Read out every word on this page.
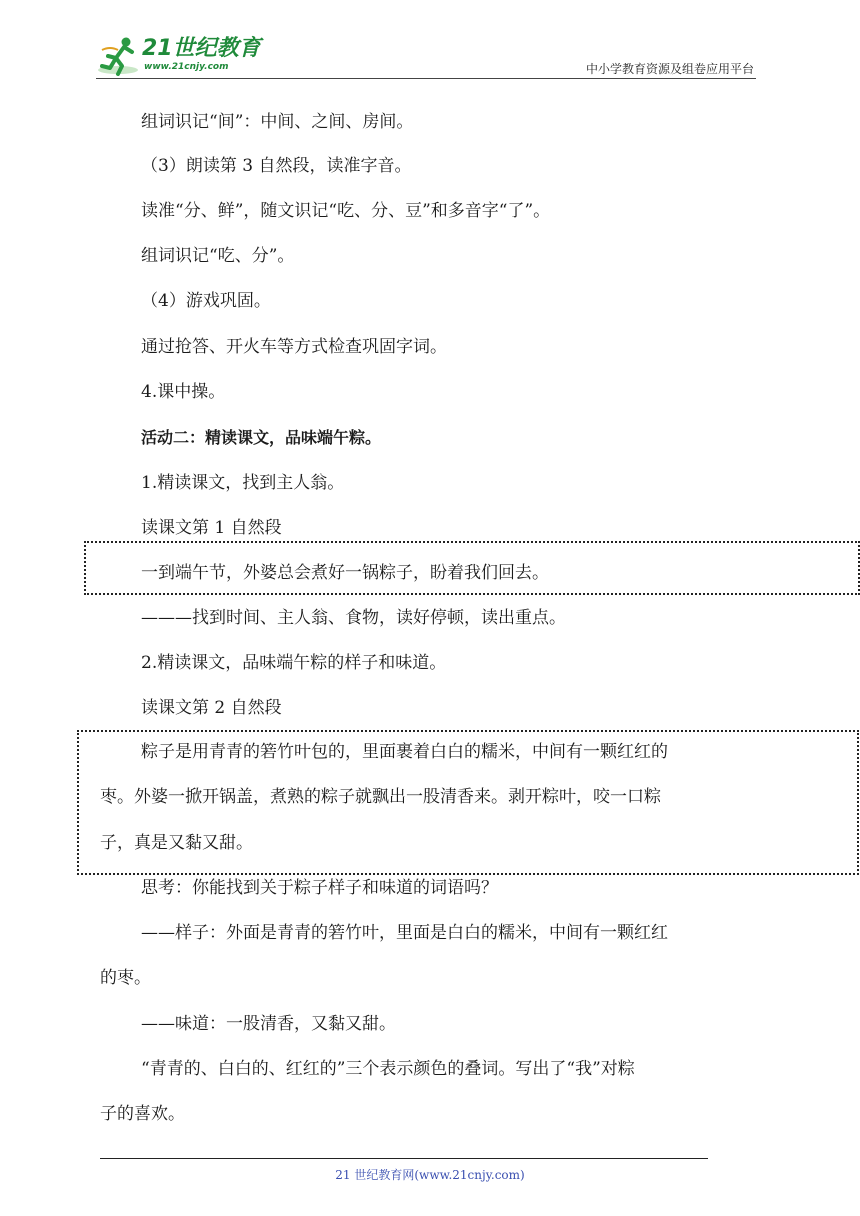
21世纪教育
www.21cnjy.com	中小学教育资源及组卷应用平台
组词识记“间”：中间、之间、房间。
（3）朗读第 3 自然段，读准字音。
读准“分、鲜”，随文识记“吃、分、豆”和多音字“了”。
组词识记“吃、分”。
（4）游戏巩固。
通过抢答、开火车等方式检查巩固字词。
4.课中操。
活动二：精读课文，品味端午粽。
1.精读课文，找到主人翁。
读课文第 1 自然段
一到端午节，外婆总会煮好一锅粽子，盼着我们回去。
———找到时间、主人翁、食物，读好停顿，读出重点。
2.精读课文，品味端午粽的样子和味道。
读课文第 2 自然段
粽子是用青青的箬竹叶包的，里面裹着白白的糯米，中间有一颗红红的
枣。外婆一掀开锅盖，煮熟的粽子就飘出一股清香来。剥开粽叶，咬一口粽
子，真是又黏又甜。
思考：你能找到关于粽子样子和味道的词语吗？
——样子：外面是青青的箬竹叶，里面是白白的糯米，中间有一颗红红
的枣。
——味道：一股清香，又黏又甜。
“青青的、白白的、红红的”三个表示颜色的叠词。写出了“我”对粽
子的喜欢。
21 世纪教育网(www.21cnjy.com)
